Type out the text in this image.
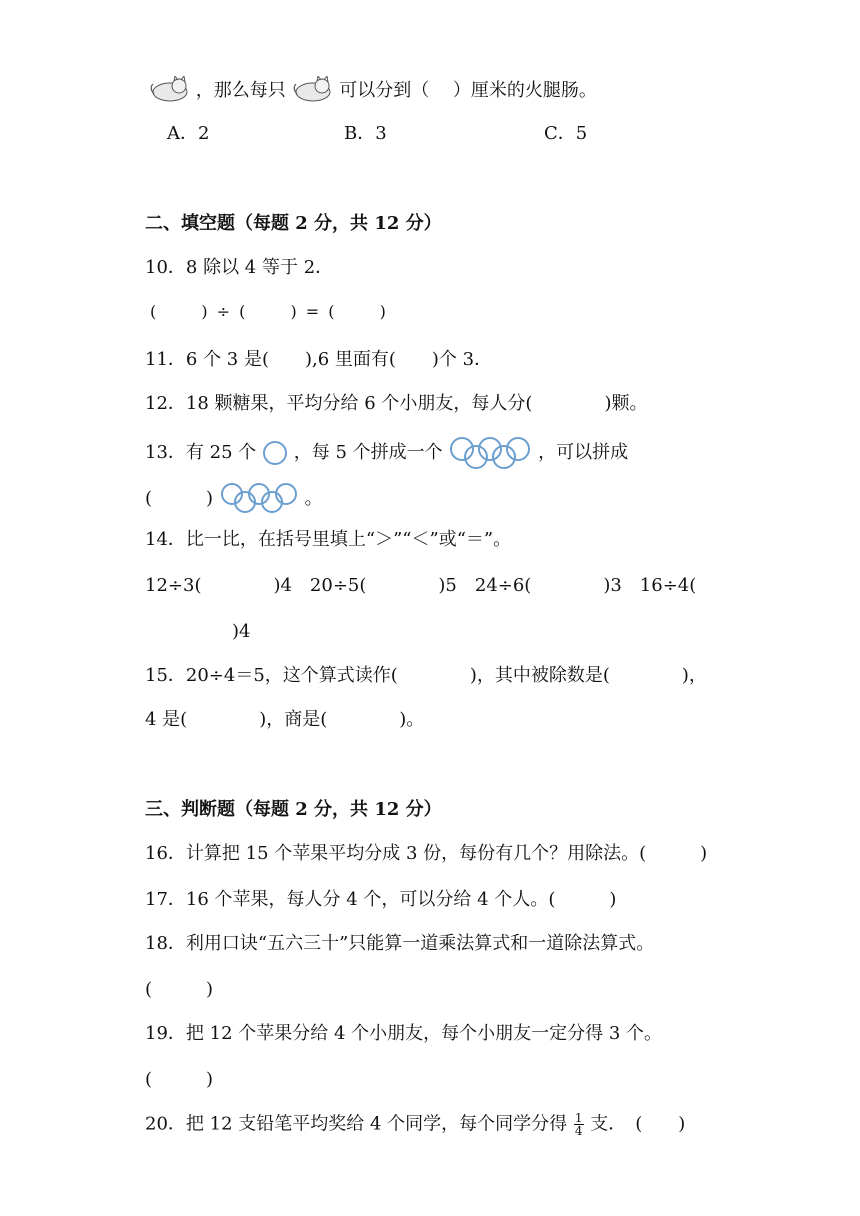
，那么每只	可以分到（　 ）厘米的火腿肠。
A．2	B．3	C．5
二、填空题（每题 2 分，共 12 分）
10．8 除以 4 等于 2．
(　　 ) ÷ (　　 ) = (　　 )
11．6 个 3 是(　　),6 里面有(　　)个 3．
12．18 颗糖果，平均分给 6 个小朋友，每人分(　　　　)颗。
13．有 25 个 ，每 5 个拼成一个	，可以拼成
(　　　)	。
14．比一比，在括号里填上“＞”“＜”或“＝”。
12÷3(　　　　)4　20÷5(　　　　)5　24÷6(　　　　)3　16÷4(
　　　　)4
15．20÷4＝5，这个算式读作(　　　　)，其中被除数是(　　　　)，
4 是(　　　　)，商是(　　　　)。
三、判断题（每题 2 分，共 12 分）
16．计算把 15 个苹果平均分成 3 份，每份有几个？用除法。(　　　)
17．16 个苹果，每人分 4 个，可以分给 4 个人。(　　　)
18．利用口诀“五六三十”只能算一道乘法算式和一道除法算式。
(　　　)
19．把 12 个苹果分给 4 个小朋友，每个小朋友一定分得 3 个。
(　　　)
20．把 12 支铅笔平均奖给 4 个同学，每个同学分得 $\frac{1}{4}$ 支．　(　　)
